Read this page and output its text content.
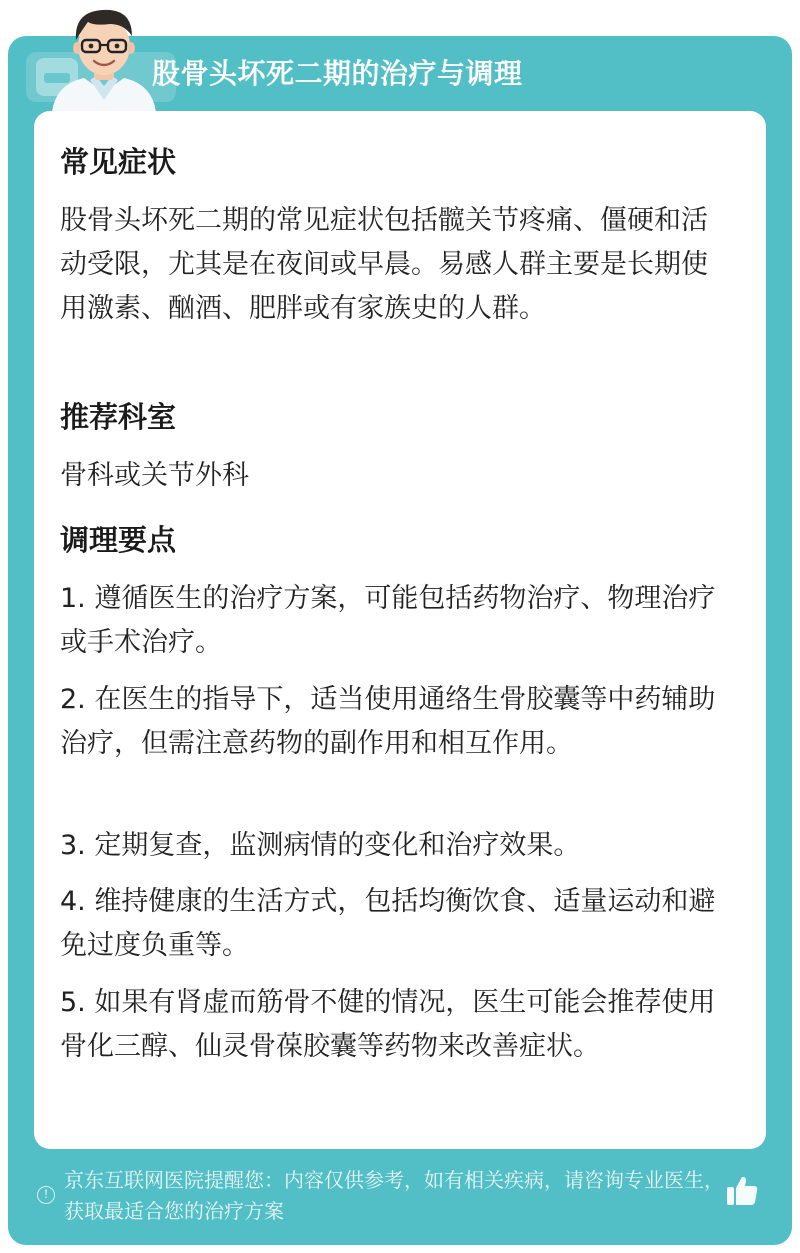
股骨头坏死二期的治疗与调理
常见症状
股骨头坏死二期的常见症状包括髋关节疼痛、僵硬和活动受限，尤其是在夜间或早晨。易感人群主要是长期使用激素、酗酒、肥胖或有家族史的人群。
推荐科室
骨科或关节外科
调理要点
1. 遵循医生的治疗方案，可能包括药物治疗、物理治疗或手术治疗。
2. 在医生的指导下，适当使用通络生骨胶囊等中药辅助治疗，但需注意药物的副作用和相互作用。
3. 定期复查，监测病情的变化和治疗效果。
4. 维持健康的生活方式，包括均衡饮食、适量运动和避免过度负重等。
5. 如果有肾虚而筋骨不健的情况，医生可能会推荐使用骨化三醇、仙灵骨葆胶囊等药物来改善症状。
!
京东互联网医院提醒您：内容仅供参考，如有相关疾病，请咨询专业医生，获取最适合您的治疗方案
